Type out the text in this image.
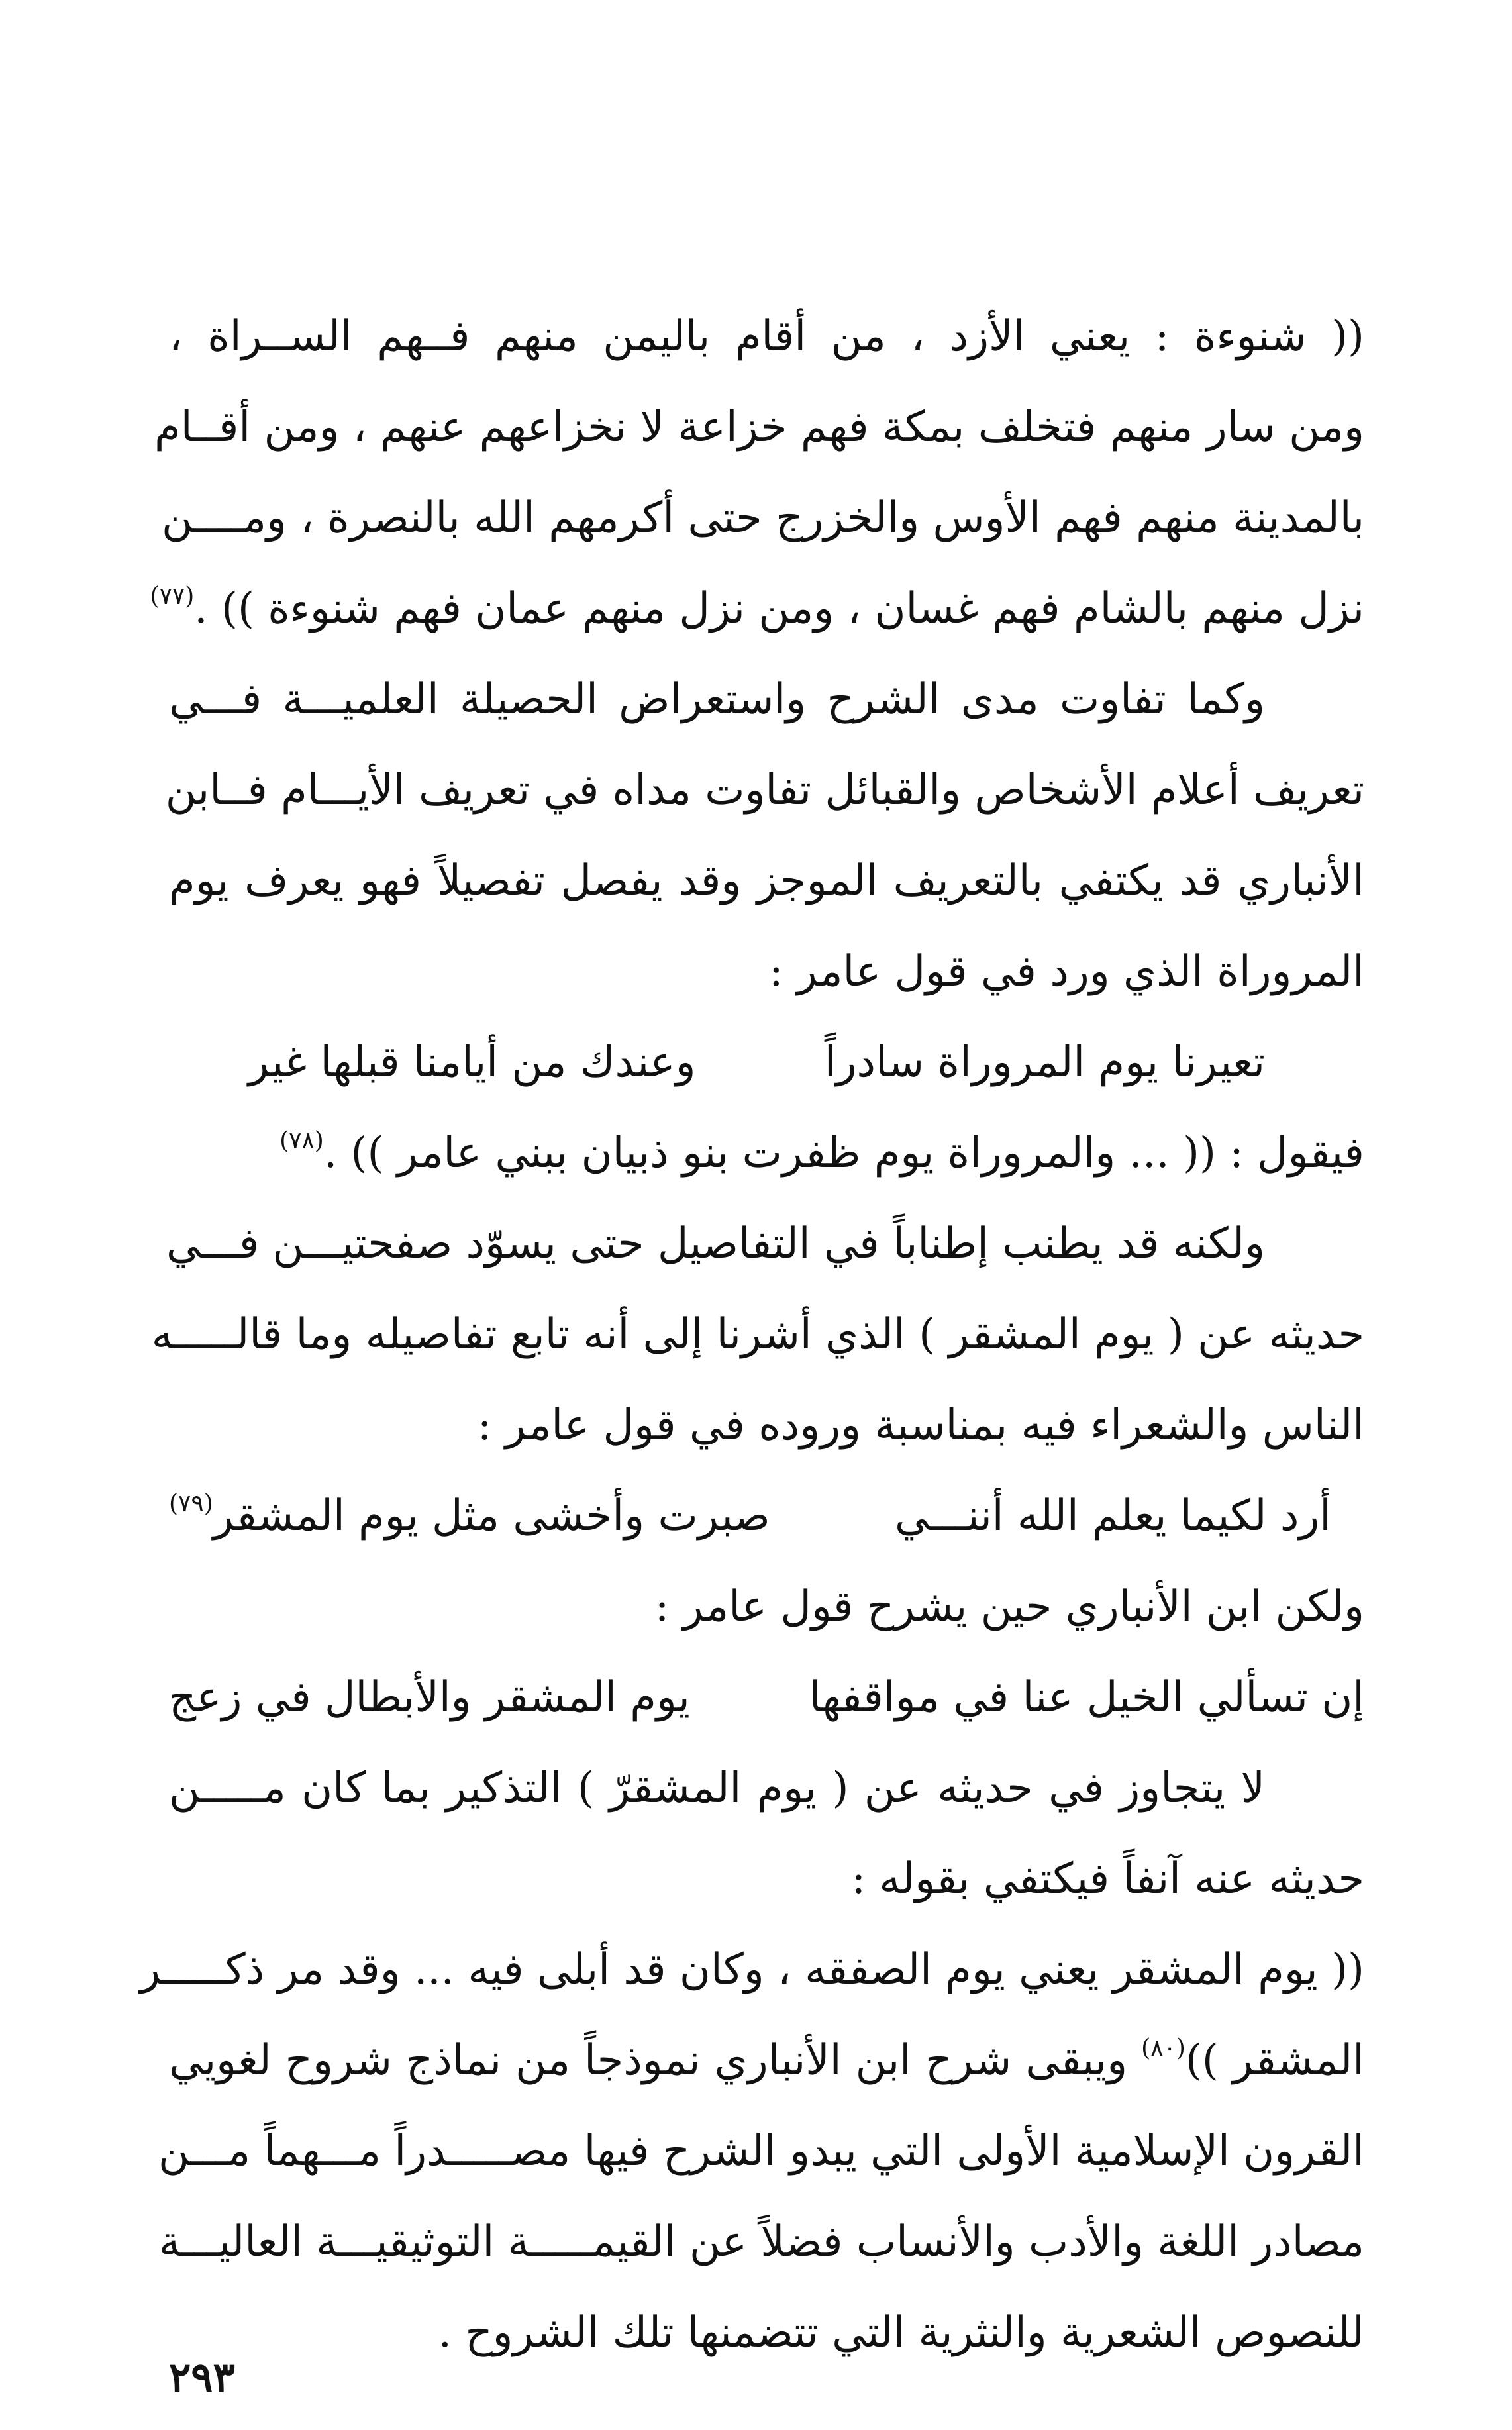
(( شنوءة : يعني الأزد ، من أقام باليمن منهم فــهم الســراة ،
ومن سار منهم فتخلف بمكة فهم خزاعة لا نخزاعهم عنهم ، ومن أقــام
بالمدينة منهم فهم الأوس والخزرج حتى أكرمهم الله بالنصرة ، ومــــن
نزل منهم بالشام فهم غسان ، ومن نزل منهم عمان فهم شنوءة )) .$^{(٧٧)}$
وكما تفاوت مدى الشرح واستعراض الحصيلة العلميـــة فـــي
تعريف أعلام الأشخاص والقبائل تفاوت مداه في تعريف الأيـــام فــابن
الأنباري قد يكتفي بالتعريف الموجز وقد يفصل تفصيلاً فهو يعرف يوم
المروراة الذي ورد في قول عامر :
تعيرنا يوم المروراة سادراً
وعندك من أيامنا قبلها غير
فيقول : (( ... والمروراة يوم ظفرت بنو ذبيان ببني عامر )) .$^{(٧٨)}$
ولكنه قد يطنب إطناباً في التفاصيل حتى يسوّد صفحتيـــن فـــي
حديثه عن ( يوم المشقر ) الذي أشرنا إلى أنه تابع تفاصيله وما قالـــــه
الناس والشعراء فيه بمناسبة وروده في قول عامر :
أرد لكيما يعلم الله أننـــي
صبرت وأخشى مثل يوم المشقر$^{(٧٩)}$
ولكن ابن الأنباري حين يشرح قول عامر :
إن تسألي الخيل عنا في مواقفها
يوم المشقر والأبطال في زعج
لا يتجاوز في حديثه عن ( يوم المشقرّ ) التذكير بما كان مـــــن
حديثه عنه آنفاً فيكتفي بقوله :
(( يوم المشقر يعني يوم الصفقه ، وكان قد أبلى فيه ... وقد مر ذكـــــر
المشقر ))$^{(٨٠)}$ ويبقى شرح ابن الأنباري نموذجاً من نماذج شروح لغويي
القرون الإسلامية الأولى التي يبدو الشرح فيها مصـــــدراً مـــهماً مـــن
مصادر اللغة والأدب والأنساب فضلاً عن القيمـــــة التوثيقيـــة العاليـــة
للنصوص الشعرية والنثرية التي تتضمنها تلك الشروح .
٢٩٣
